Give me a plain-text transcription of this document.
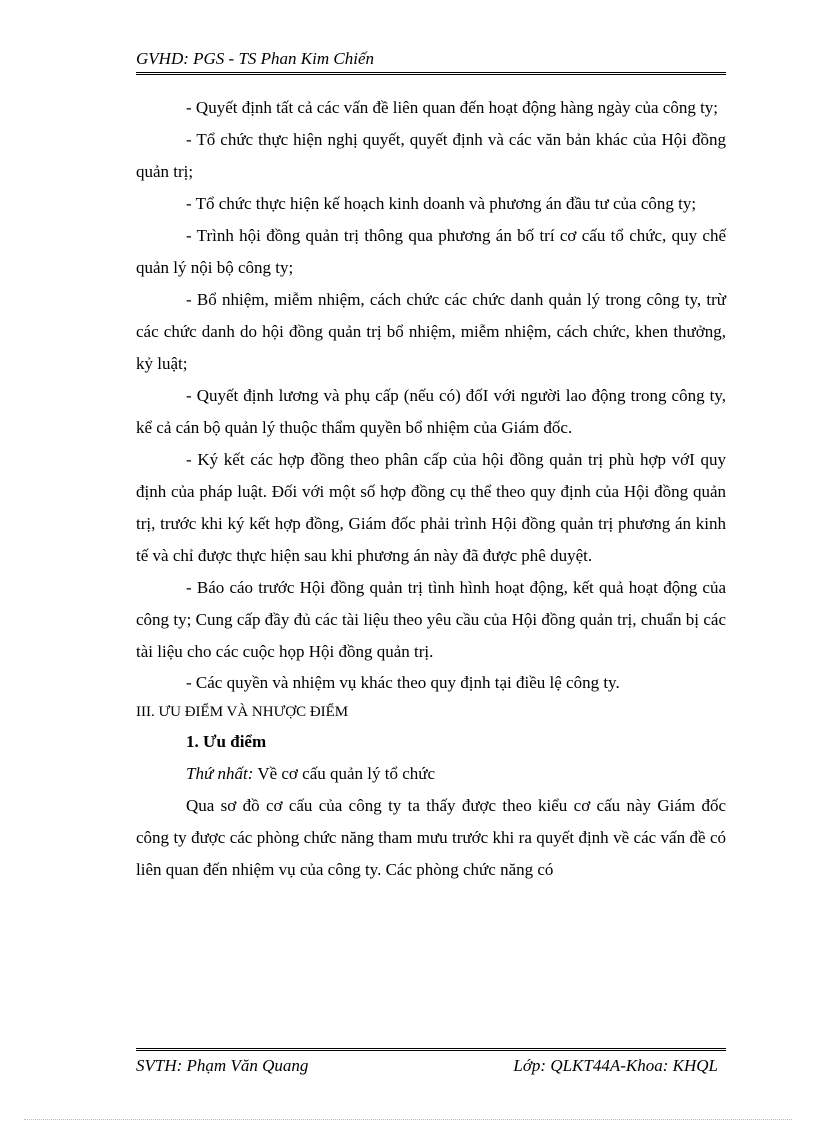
GVHD: PGS - TS Phan Kim Chiến

- Quyết định tất cả các vấn đề liên quan đến hoạt động hàng ngày của công ty;

- Tổ chức thực hiện nghị quyết, quyết định và các văn bản khác của Hội đồng quản trị;

- Tổ chức thực hiện kế hoạch kinh doanh và phương án đầu tư của công ty;

- Trình hội đồng quản trị thông qua phương án bố trí cơ cấu tổ chức, quy chế quản lý nội bộ công ty;

- Bổ nhiệm, miễm nhiệm, cách chức các chức danh quản lý trong công ty, trừ các chức danh do hội đồng quản trị bổ nhiệm, miễm nhiệm, cách chức, khen thưởng, kỷ luật;

- Quyết định lương và phụ cấp (nếu có) đốI với người lao động trong công ty, kể cả cán bộ quản lý thuộc thẩm quyền bổ nhiệm của Giám đốc.

- Ký kết các hợp đồng theo phân cấp của hội đồng quản trị phù hợp vớI quy định của pháp luật. Đối với một số hợp đồng cụ thể theo quy định của Hội đồng quản trị, trước khi ký kết hợp đồng, Giám đốc phải trình Hội đồng quản trị phương án kinh tế và chỉ được thực hiện sau khi phương án này đã được phê duyệt.

- Báo cáo trước Hội đồng quản trị tình hình hoạt động, kết quả hoạt động của công ty; Cung cấp đầy đủ các tài liệu theo yêu cầu của Hội đồng quản trị, chuẩn bị các tài liệu cho các cuộc họp Hội đồng quản trị.

- Các quyền và nhiệm vụ khác theo quy định tại điều lệ công ty.

III. ƯU ĐIỂM VÀ NHƯỢC ĐIỂM

1. Ưu điểm

Thứ nhất: Về cơ cấu quản lý tổ chức

Qua sơ đồ cơ cấu của công ty ta thấy được theo kiểu cơ cấu này Giám đốc công ty được các phòng chức năng tham mưu trước khi ra quyết định về các vấn đề có liên quan đến nhiệm vụ của công ty. Các phòng chức năng có

SVTH: Phạm Văn Quang	Lớp: QLKT44A-Khoa: KHQL
